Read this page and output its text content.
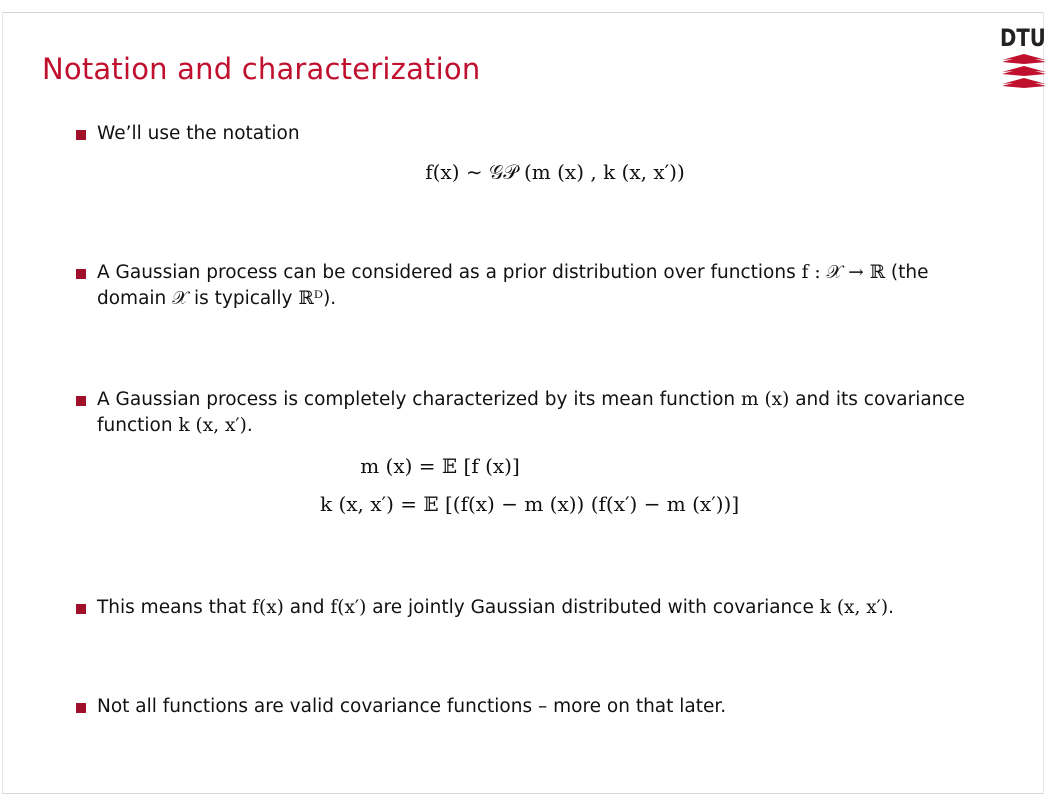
Notation and characterization
DTU
We’ll use the notation
f(x) ∼ 𝒢𝒫 (m (x) , k (x, x′))
A Gaussian process can be considered as a prior distribution over functions f : 𝒳 → ℝ (the
domain 𝒳 is typically ℝᴰ).
A Gaussian process is completely characterized by its mean function m (x) and its covariance
function k (x, x′).
m (x) = 𝔼 [f (x)]
k (x, x′) = 𝔼 [(f(x) − m (x)) (f(x′) − m (x′))]
This means that f(x) and f(x′) are jointly Gaussian distributed with covariance k (x, x′).
Not all functions are valid covariance functions – more on that later.
